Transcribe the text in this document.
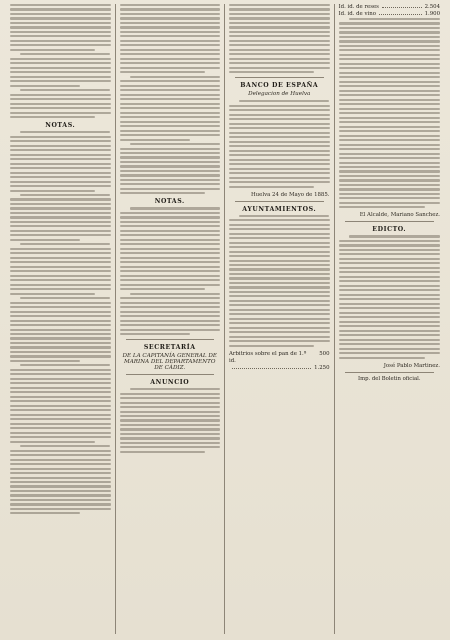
NOTAS.
NOTAS.
SECRETARÍA
DE LA CAPITANÍA GENERAL DE MARINA DEL DEPARTAMENTO DE CÁDIZ.
ANUNCIO
BANCO DE ESPAÑA
Delegacion de Huelva
Huelva 24 de Mayo de 1885.
AYUNTAMIENTOS.
Arbitrios sobre el pan de 1.ª id.
500
1.250
Id. id. de reses	2.504
Id. id. de vino	1.900
El Alcalde, Mariano Sanchez.
EDICTO.
José Pablo Martinez.
Imp. del Boletin oficial.
